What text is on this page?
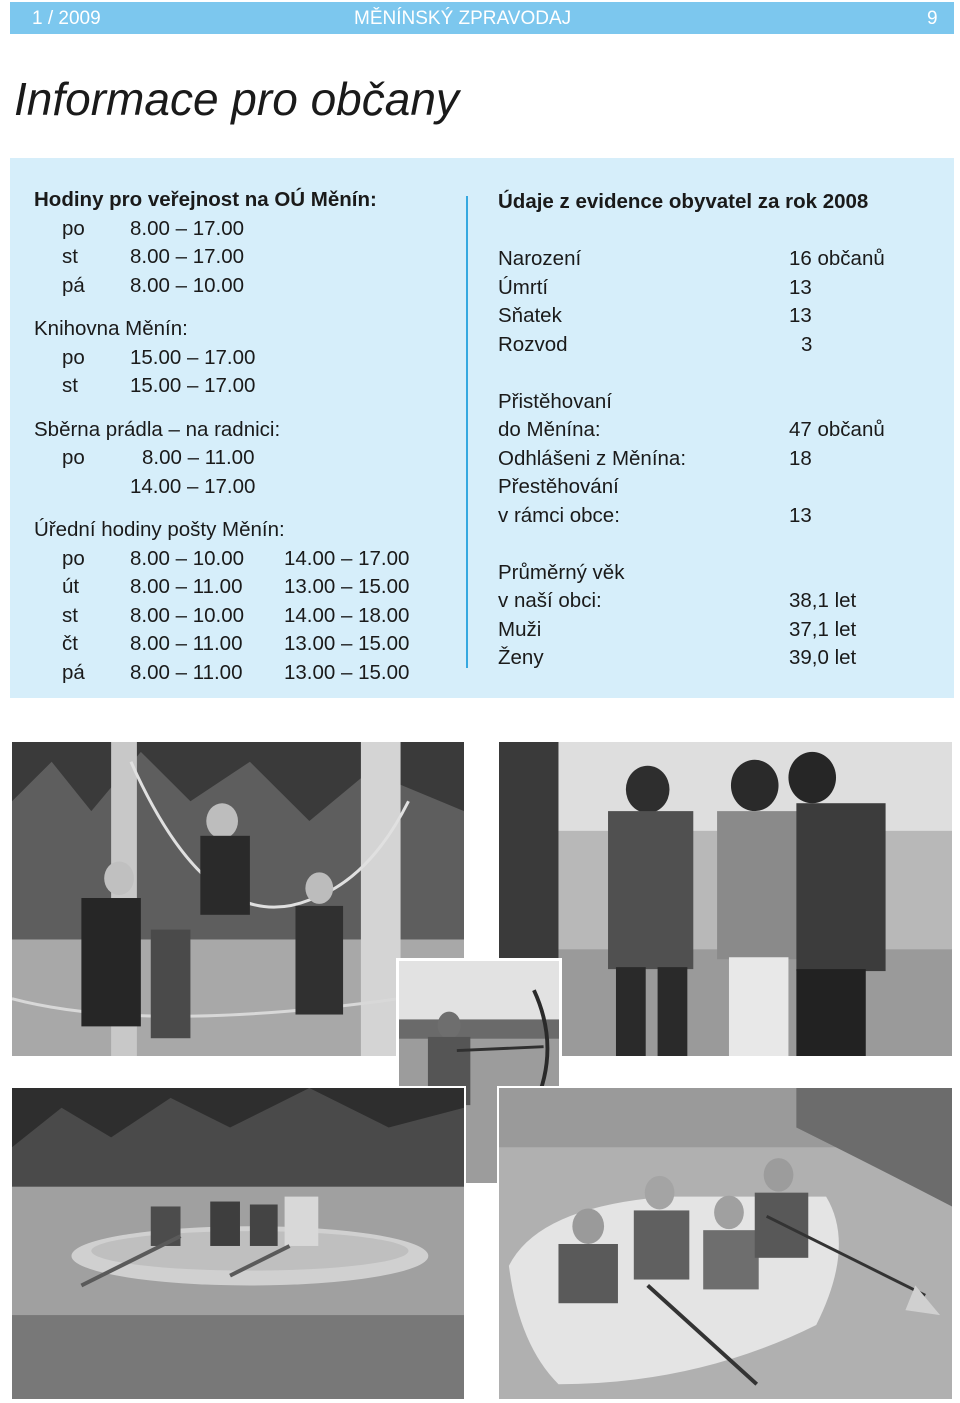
1 / 2009	MĚNÍNSKÝ ZPRAVODAJ	9
Informace pro občany
Hodiny pro veřejnost na OÚ Měnín:
po 8.00 – 17.00
st	8.00 – 17.00
pá 8.00 – 10.00
Knihovna Měnín:
po 15.00 – 17.00
st	15.00 – 17.00
Sběrna prádla – na radnici:
po	8.00 – 11.00
14.00 – 17.00
Úřední hodiny pošty Měnín:
po 8.00 – 10.00 14.00 – 17.00
út 8.00 – 11.00 13.00 – 15.00
st	8.00 – 10.00 14.00 – 18.00
čt	8.00 – 11.00 13.00 – 15.00
pá 8.00 – 11.00 13.00 – 15.00
Údaje z evidence obyvatel za rok 2008
Narození	16 občanů
Úmrtí	13
Sňatek	13
Rozvod	3
Přistěhovaní
do Měnína:	47 občanů
Odhlášeni z Měnína:	18
Přestěhování
v rámci obce:	13
Průměrný věk
v naší obci:	38,1 let
Muži	37,1 let
Ženy	39,0 let
